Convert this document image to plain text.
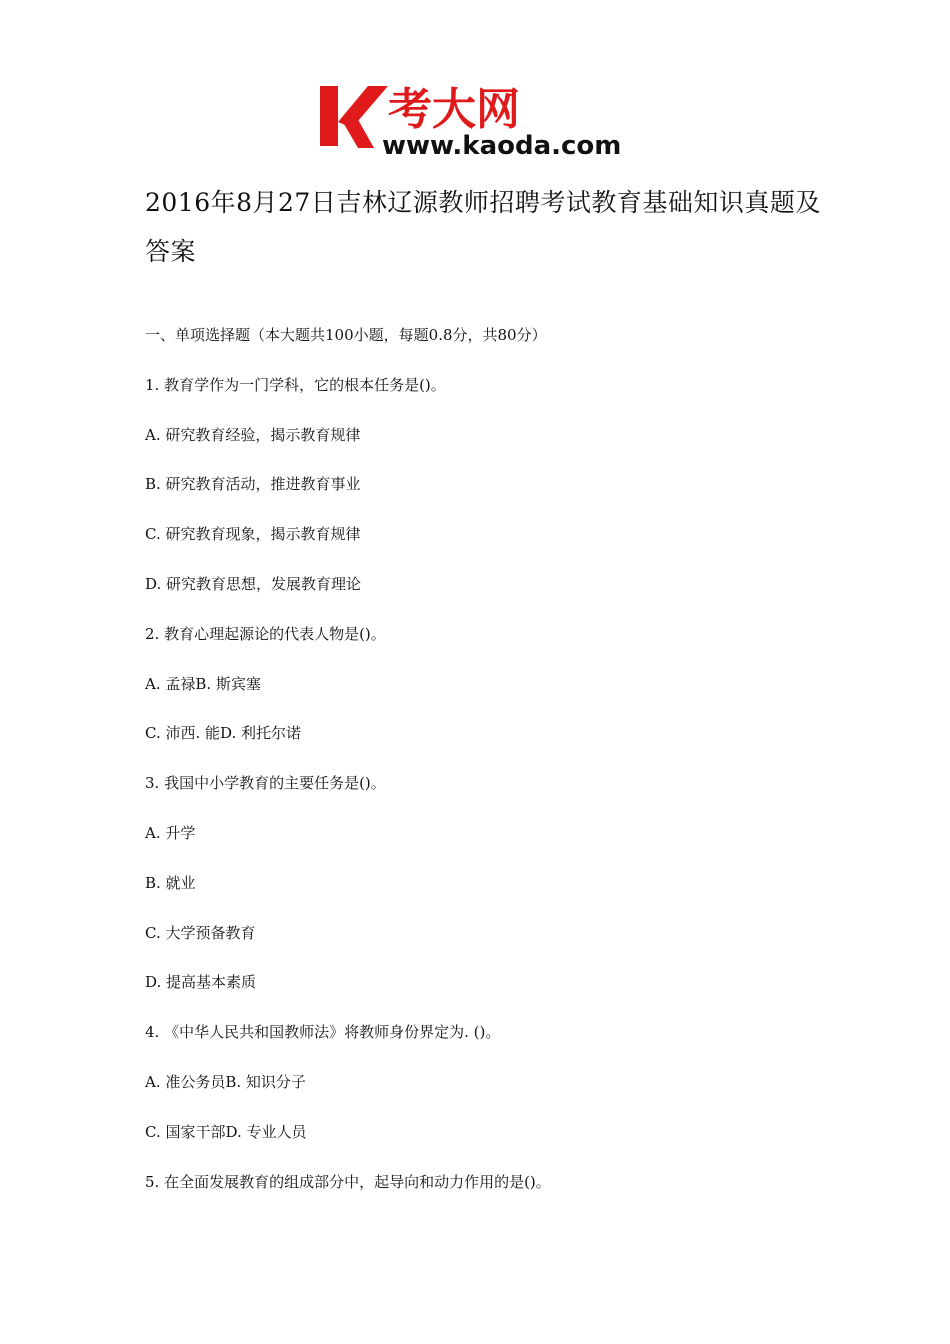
考大网
www.kaoda.com
2016年8月27日吉林辽源教师招聘考试教育基础知识真题及答案
一、单项选择题（本大题共100小题，每题0.8分，共80分）
1. 教育学作为一门学科，它的根本任务是()。
A. 研究教育经验，揭示教育规律
B. 研究教育活动，推进教育事业
C. 研究教育现象，揭示教育规律
D. 研究教育思想，发展教育理论
2. 教育心理起源论的代表人物是()。
A. 孟禄B. 斯宾塞
C. 沛西. 能D. 利托尔诺
3. 我国中小学教育的主要任务是()。
A. 升学
B. 就业
C. 大学预备教育
D. 提高基本素质
4. 《中华人民共和国教师法》将教师身份界定为. ()。
A. 准公务员B. 知识分子
C. 国家干部D. 专业人员
5. 在全面发展教育的组成部分中，起导向和动力作用的是()。
